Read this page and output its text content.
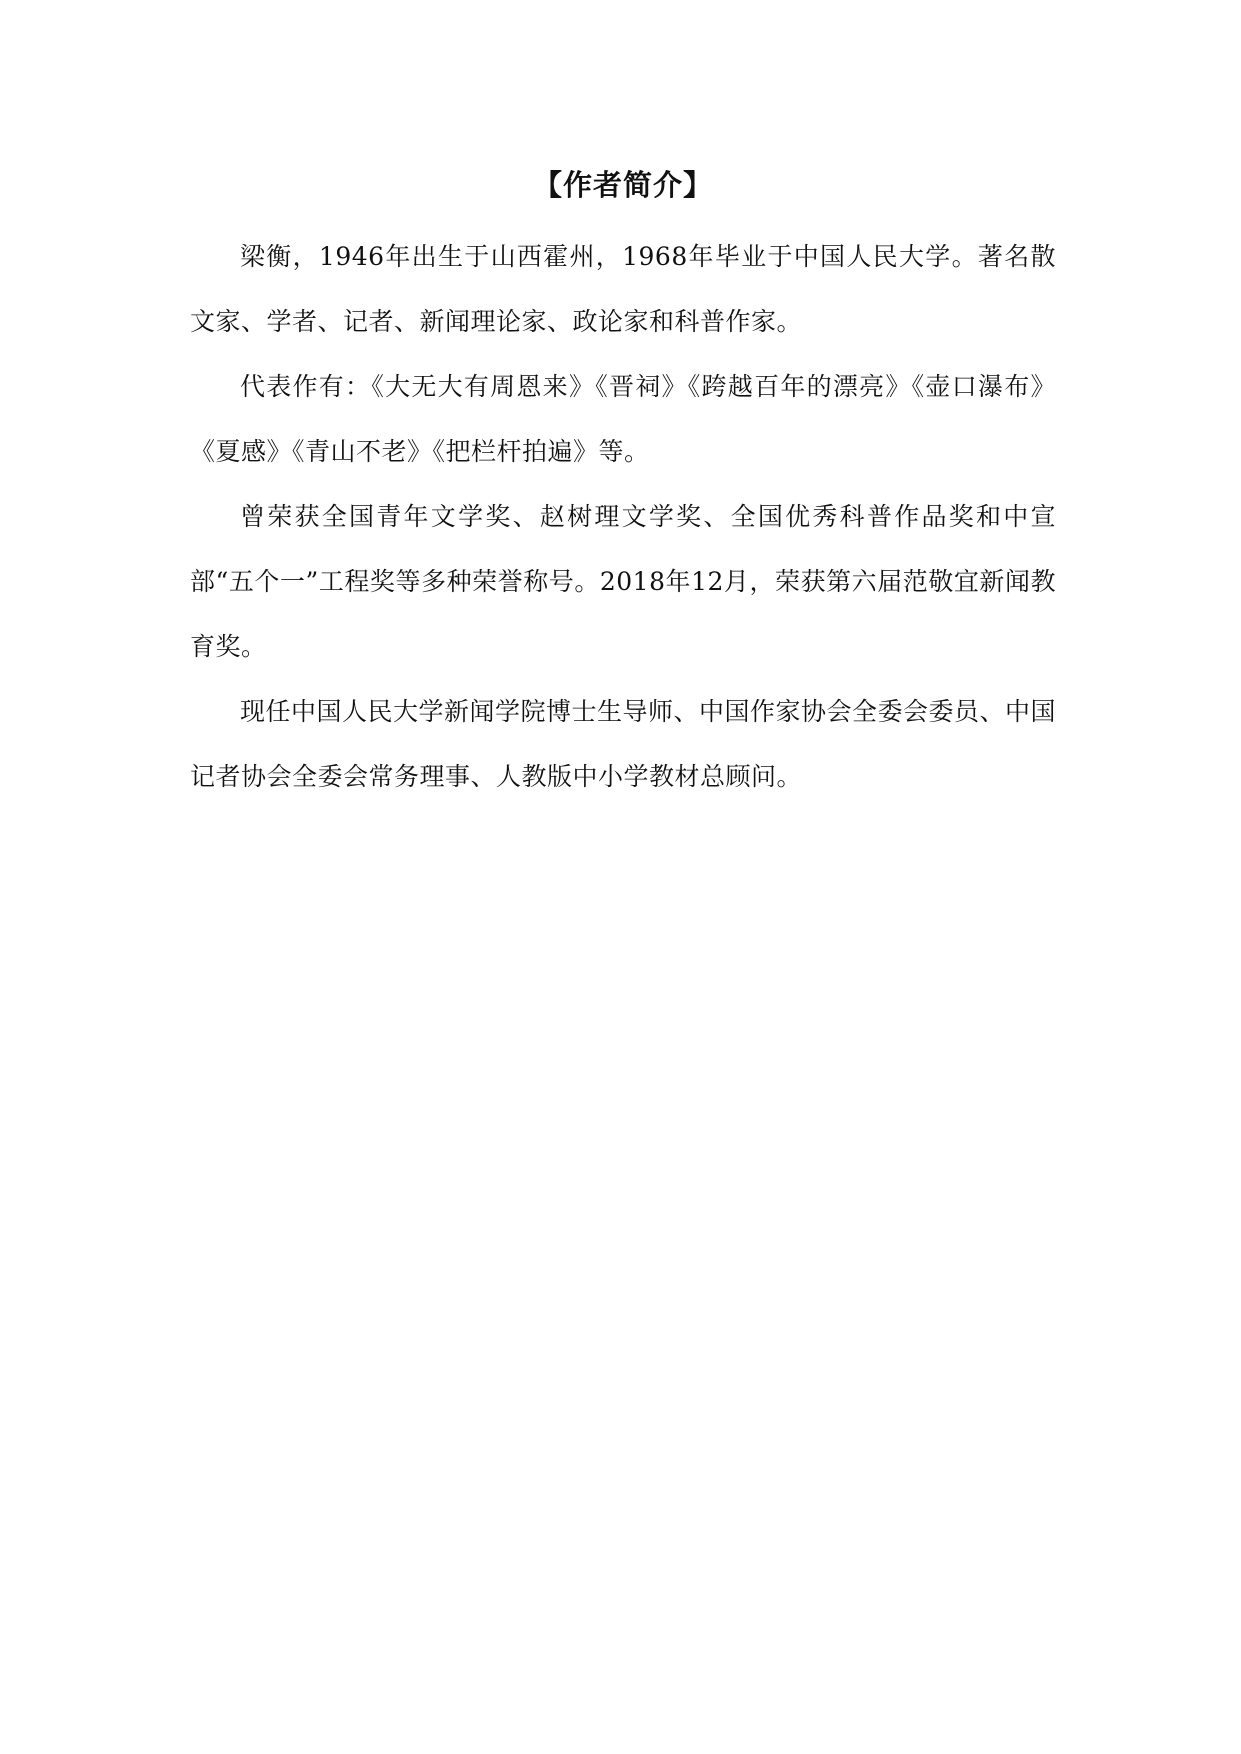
【作者简介】

梁衡，1946年出生于山西霍州，1968年毕业于中国人民大学。著名散文家、学者、记者、新闻理论家、政论家和科普作家。

代表作有：《大无大有周恩来》《晋祠》《跨越百年的漂亮》《壶口瀑布》《夏感》《青山不老》《把栏杆拍遍》等。

曾荣获全国青年文学奖、赵树理文学奖、全国优秀科普作品奖和中宣部“五个一”工程奖等多种荣誉称号。2018年12月，荣获第六届范敬宜新闻教育奖。

现任中国人民大学新闻学院博士生导师、中国作家协会全委会委员、中国记者协会全委会常务理事、人教版中小学教材总顾问。
